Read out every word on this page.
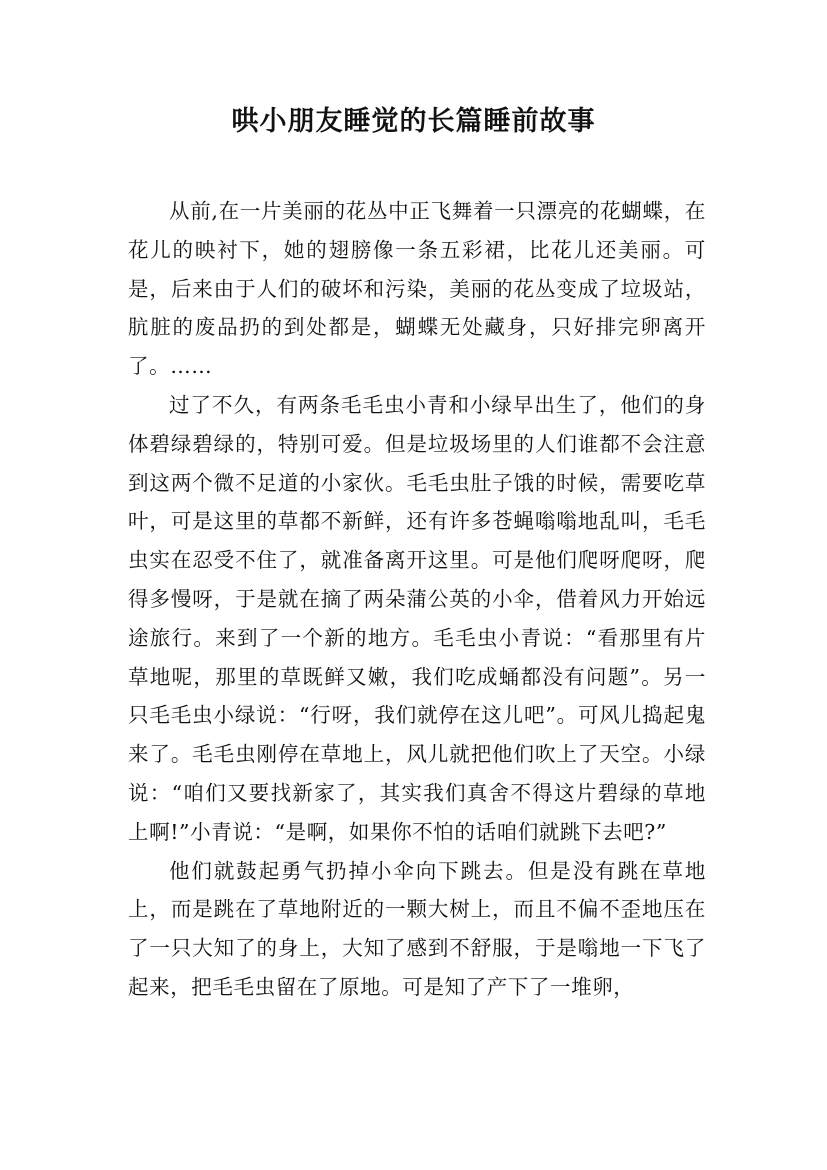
哄小朋友睡觉的长篇睡前故事

从前,在一片美丽的花丛中正飞舞着一只漂亮的花蝴蝶，在花儿的映衬下，她的翅膀像一条五彩裙，比花儿还美丽。可是，后来由于人们的破坏和污染，美丽的花丛变成了垃圾站，肮脏的废品扔的到处都是，蝴蝶无处藏身，只好排完卵离开了。……

过了不久，有两条毛毛虫小青和小绿早出生了，他们的身体碧绿碧绿的，特别可爱。但是垃圾场里的人们谁都不会注意到这两个微不足道的小家伙。毛毛虫肚子饿的时候，需要吃草叶，可是这里的草都不新鲜，还有许多苍蝇嗡嗡地乱叫，毛毛虫实在忍受不住了，就准备离开这里。可是他们爬呀爬呀，爬得多慢呀，于是就在摘了两朵蒲公英的小伞，借着风力开始远途旅行。来到了一个新的地方。毛毛虫小青说：“看那里有片草地呢，那里的草既鲜又嫩，我们吃成蛹都没有问题”。另一只毛毛虫小绿说：“行呀，我们就停在这儿吧”。可风儿捣起鬼来了。毛毛虫刚停在草地上，风儿就把他们吹上了天空。小绿说：“咱们又要找新家了，其实我们真舍不得这片碧绿的草地上啊!”小青说：“是啊，如果你不怕的话咱们就跳下去吧?”

他们就鼓起勇气扔掉小伞向下跳去。但是没有跳在草地上，而是跳在了草地附近的一颗大树上，而且不偏不歪地压在了一只大知了的身上，大知了感到不舒服，于是嗡地一下飞了起来，把毛毛虫留在了原地。可是知了产下了一堆卵，
